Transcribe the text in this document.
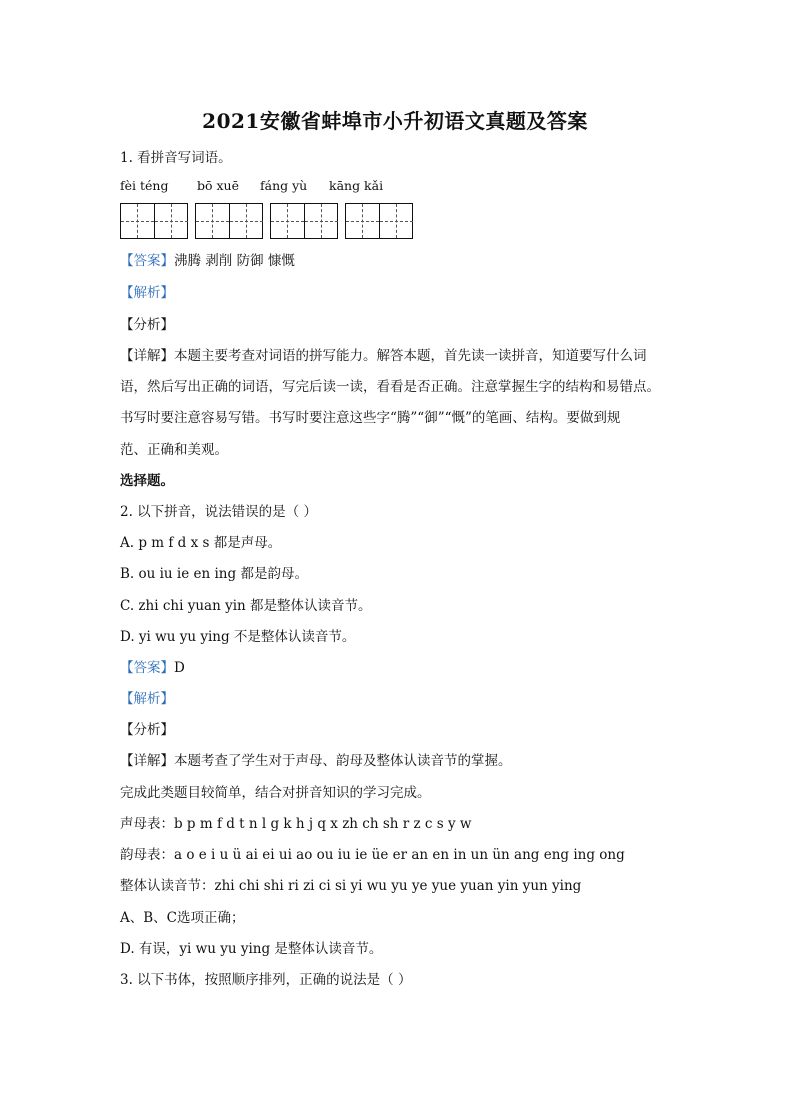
2021安徽省蚌埠市小升初语文真题及答案
1. 看拼音写词语。
fèi téng bō xuē fáng yù kāng kǎi
【答案】沸腾 剥削 防御 慷慨
【解析】
【分析】
【详解】本题主要考查对词语的拼写能力。解答本题，首先读一读拼音，知道要写什么词
语，然后写出正确的词语，写完后读一读，看看是否正确。注意掌握生字的结构和易错点。
书写时要注意容易写错。书写时要注意这些字“腾”“御”“慨”的笔画、结构。要做到规
范、正确和美观。
选择题。
2. 以下拼音，说法错误的是（ ）
A. p m f d x s 都是声母。
B. ou iu ie en ing 都是韵母。
C. zhi chi yuan yin 都是整体认读音节。
D. yi wu yu ying 不是整体认读音节。
【答案】D
【解析】
【分析】
【详解】本题考查了学生对于声母、韵母及整体认读音节的掌握。
完成此类题目较简单，结合对拼音知识的学习完成。
声母表：b p m f d t n l g k h j q x zh ch sh r z c s y w
韵母表：a o e i u ü ai ei ui ao ou iu ie üe er an en in un ün ang eng ing ong
整体认读音节：zhi chi shi ri zi ci si yi wu yu ye yue yuan yin yun ying
A、B、C选项正确；
D. 有误，yi wu yu ying 是整体认读音节。
3. 以下书体，按照顺序排列，正确的说法是（ ）
